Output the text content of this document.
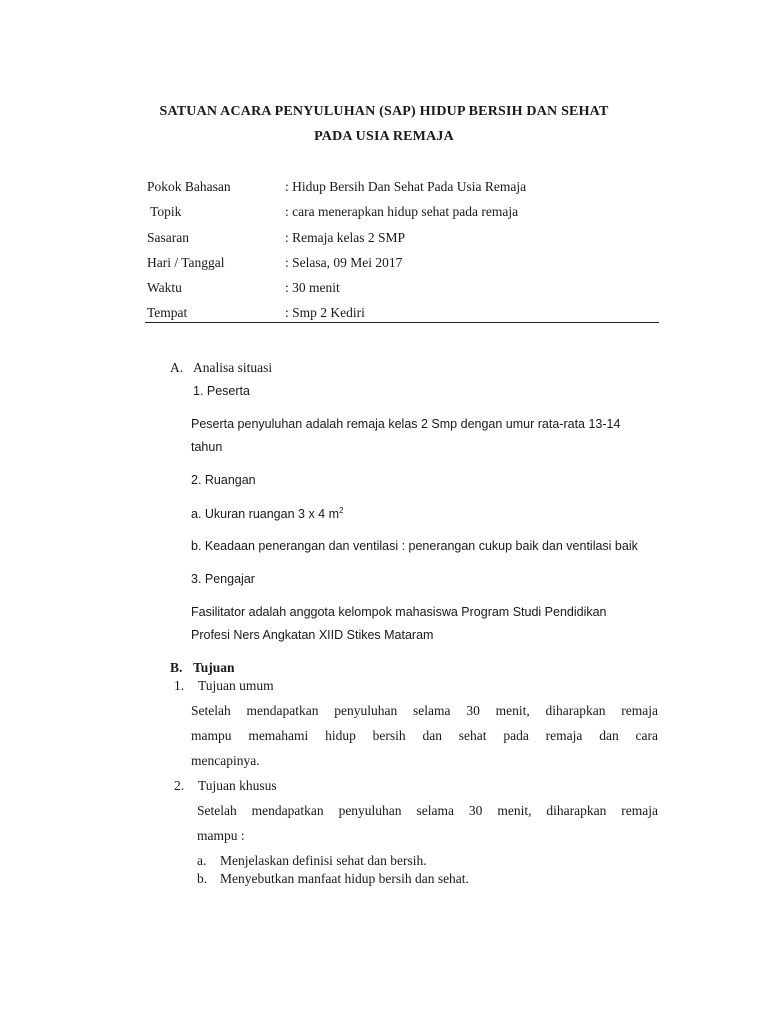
SATUAN ACARA PENYULUHAN (SAP) HIDUP BERSIH DAN SEHAT
PADA USIA REMAJA
Pokok Bahasan	: Hidup Bersih Dan Sehat Pada Usia Remaja
Topik	: cara menerapkan hidup sehat pada remaja
Sasaran	: Remaja kelas 2 SMP
Hari / Tanggal	: Selasa, 09 Mei 2017
Waktu	: 30 menit
Tempat	: Smp 2 Kediri
A. Analisa situasi
1. Peserta
Peserta penyuluhan adalah remaja kelas 2 Smp dengan umur rata-rata 13-14
tahun
2. Ruangan
a. Ukuran ruangan 3 x 4 $m^2$
b. Keadaan penerangan dan ventilasi : penerangan cukup baik dan ventilasi baik
3. Pengajar
Fasilitator adalah anggota kelompok mahasiswa Program Studi Pendidikan
Profesi Ners Angkatan XIID Stikes Mataram
B. Tujuan
1. Tujuan umum
Setelah mendapatkan penyuluhan selama 30 menit, diharapkan remaja
mampu memahami hidup bersih dan sehat pada remaja dan cara
mencapinya.
2. Tujuan khusus
Setelah mendapatkan penyuluhan selama 30 menit, diharapkan remaja
mampu :
a. Menjelaskan definisi sehat dan bersih.
b. Menyebutkan manfaat hidup bersih dan sehat.
